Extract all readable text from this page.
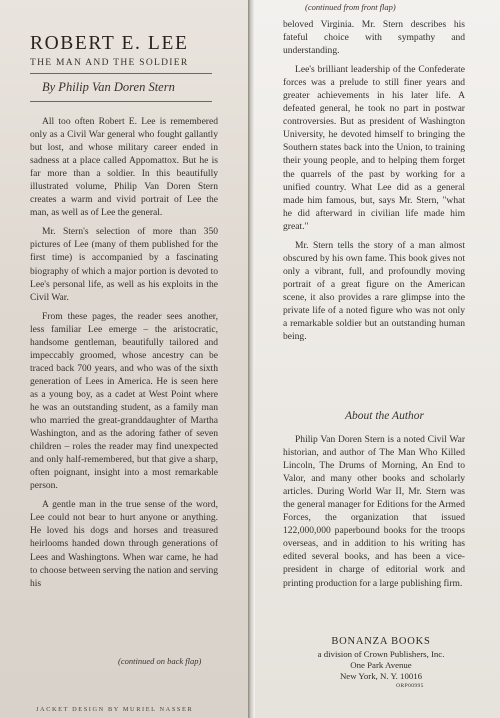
ROBERT E. LEE
THE MAN AND THE SOLDIER
By Philip Van Doren Stern

All too often Robert E. Lee is remembered only as a Civil War general who fought gallantly but lost, and whose military career ended in sadness at a place called Appomattox. But he is far more than a soldier. In this beautifully illustrated volume, Philip Van Doren Stern creates a warm and vivid portrait of Lee the man, as well as of Lee the general.

Mr. Stern's selection of more than 350 pictures of Lee (many of them published for the first time) is accompanied by a fascinating biography of which a major portion is devoted to Lee's personal life, as well as his exploits in the Civil War.

From these pages, the reader sees another, less familiar Lee emerge – the aristocratic, handsome gentleman, beautifully tailored and impeccably groomed, whose ancestry can be traced back 700 years, and who was of the sixth generation of Lees in America. He is seen here as a young boy, as a cadet at West Point where he was an outstanding student, as a family man who married the great-granddaughter of Martha Washington, and as the adoring father of seven children – roles the reader may find unexpected and only half-remembered, but that give a sharp, often poignant, insight into a most remarkable person.

A gentle man in the true sense of the word, Lee could not bear to hurt anyone or anything. He loved his dogs and horses and treasured heirlooms handed down through generations of Lees and Washingtons. When war came, he had to choose between serving the nation and serving his

(continued on back flap)
JACKET DESIGN BY MURIEL NASSER
(continued from front flap)

beloved Virginia. Mr. Stern describes his fateful choice with sympathy and understanding.

Lee's brilliant leadership of the Confederate forces was a prelude to still finer years and greater achievements in his later life. A defeated general, he took no part in postwar controversies. But as president of Washington University, he devoted himself to bringing the Southern states back into the Union, to training their young people, and to helping them forget the quarrels of the past by working for a unified country. What Lee did as a general made him famous, but, says Mr. Stern, "what he did afterward in civilian life made him great."

Mr. Stern tells the story of a man almost obscured by his own fame. This book gives not only a vibrant, full, and profoundly moving portrait of a great figure on the American scene, it also provides a rare glimpse into the private life of a noted figure who was not only a remarkable soldier but an outstanding human being.

About the Author
Philip Van Doren Stern is a noted Civil War historian, and author of The Man Who Killed Lincoln, The Drums of Morning, An End to Valor, and many other books and scholarly articles. During World War II, Mr. Stern was the general manager for Editions for the Armed Forces, the organization that issued 122,000,000 paperbound books for the troops overseas, and in addition to his writing has edited several books, and has been a vice-president in charge of editorial work and printing production for a large publishing firm.
BONANZA BOOKS
a division of Crown Publishers, Inc.
One Park Avenue
New York, N. Y. 10016
ORP00995
